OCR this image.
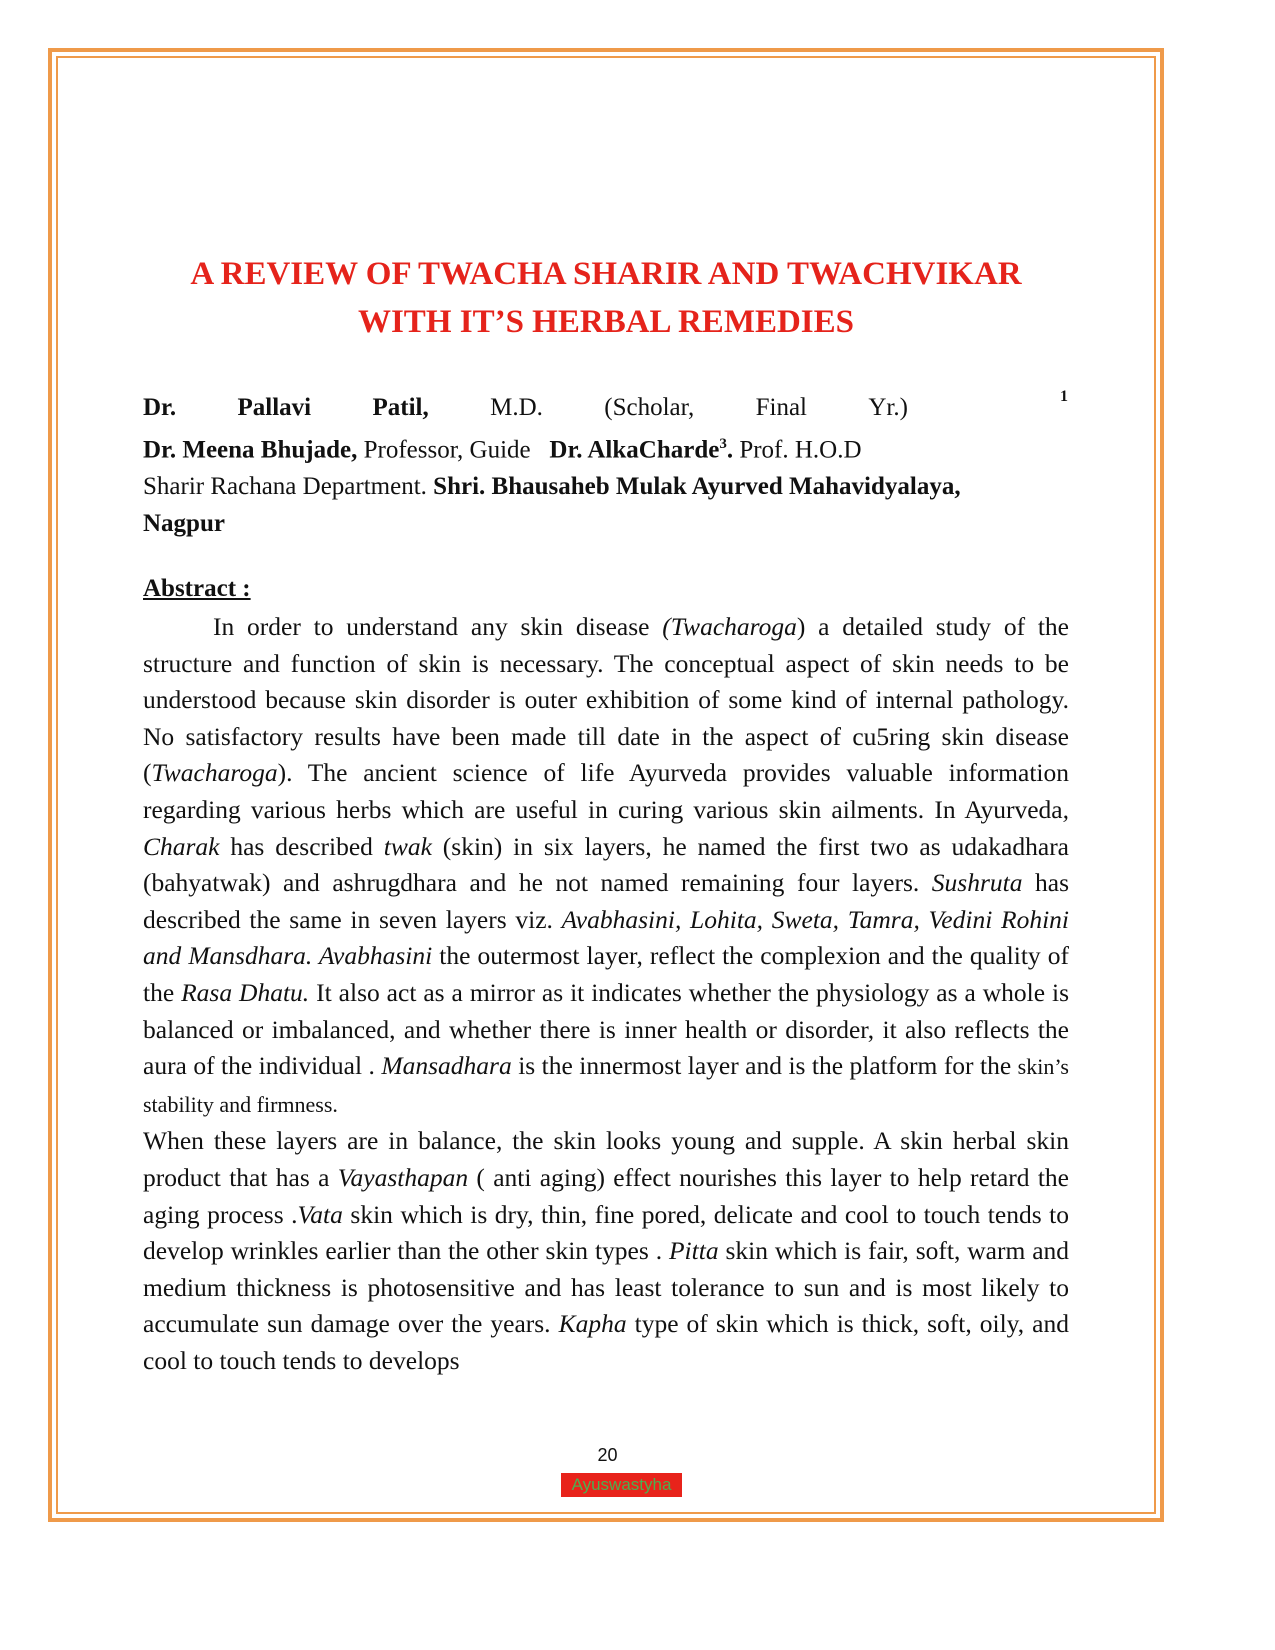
A REVIEW OF TWACHA SHARIR AND TWACHVIKAR
WITH IT’S HERBAL REMEDIES
1
Dr. Pallavi Patil, M.D. (Scholar, Final Yr.)
Dr. Meena Bhujade, Professor, Guide   Dr. AlkaCharde$^3$. Prof. H.O.D
Sharir Rachana Department. Shri. Bhausaheb Mulak Ayurved Mahavidyalaya,
Nagpur
Abstract :

In order to understand any skin disease (Twacharoga) a detailed study of the structure and function of skin is necessary. The conceptual aspect of skin needs to be understood because skin disorder is outer exhibition of some kind of internal pathology. No satisfactory results have been made till date in the aspect of cu5ring skin disease (Twacharoga). The ancient science of life Ayurveda provides valuable information regarding various herbs which are useful in curing various skin ailments. In Ayurveda, Charak has described twak (skin) in six layers, he named the first two as udakadhara (bahyatwak) and ashrugdhara and he not named remaining four layers. Sushruta has described the same in seven layers viz. Avabhasini, Lohita, Sweta, Tamra, Vedini Rohini and Mansdhara. Avabhasini the outermost layer, reflect the complexion and the quality of the Rasa Dhatu. It also act as a mirror as it indicates whether the physiology as a whole is balanced or imbalanced, and whether there is inner health or disorder, it also reflects the aura of the individual . Mansadhara is the innermost layer and is the platform for the skin’s stability and firmness.

When these layers are in balance, the skin looks young and supple. A skin herbal skin product that has a Vayasthapan ( anti aging) effect nourishes this layer to help retard the aging process .Vata skin which is dry, thin, fine pored, delicate and cool to touch tends to develop wrinkles earlier than the other skin types . Pitta skin which is fair, soft, warm and medium thickness is photosensitive and has least tolerance to sun and is most likely to accumulate sun damage over the years. Kapha type of skin which is thick, soft, oily, and cool to touch tends to develops

20
Ayuswastyha
